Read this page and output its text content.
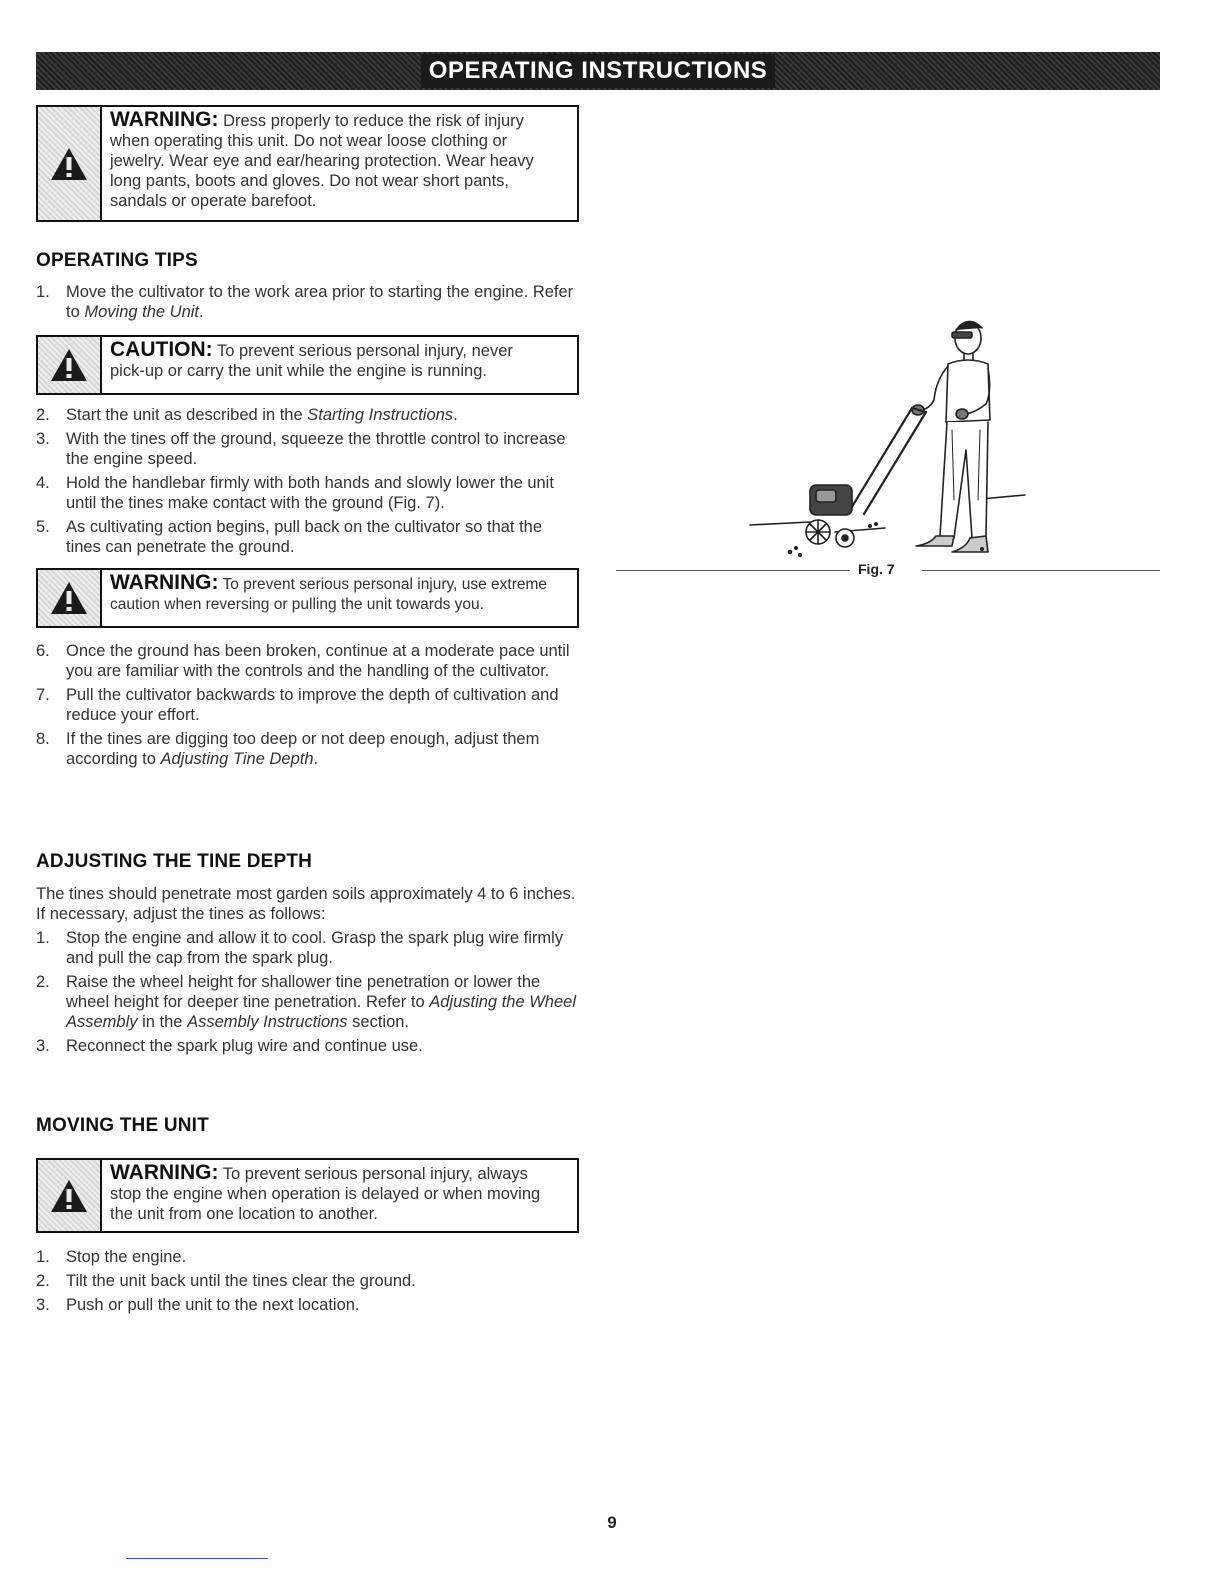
OPERATING INSTRUCTIONS
WARNING: Dress properly to reduce the risk of injury
when operating this unit. Do not wear loose clothing or
jewelry. Wear eye and ear/hearing protection. Wear heavy
long pants, boots and gloves. Do not wear short pants,
sandals or operate barefoot.
OPERATING TIPS
1. Move the cultivator to the work area prior to starting the engine. Refer to Moving the Unit.
CAUTION: To prevent serious personal injury, never
pick-up or carry the unit while the engine is running.
2. Start the unit as described in the Starting Instructions.
3. With the tines off the ground, squeeze the throttle control to increase the engine speed.
4. Hold the handlebar firmly with both hands and slowly lower the unit until the tines make contact with the ground (Fig. 7).
5. As cultivating action begins, pull back on the cultivator so that the tines can penetrate the ground.
WARNING: To prevent serious personal injury, use extreme
caution when reversing or pulling the unit towards you.
6. Once the ground has been broken, continue at a moderate pace until you are familiar with the controls and the handling of the cultivator.
7. Pull the cultivator backwards to improve the depth of cultivation and reduce your effort.
8. If the tines are digging too deep or not deep enough, adjust them according to Adjusting Tine Depth.
ADJUSTING THE TINE DEPTH

The tines should penetrate most garden soils approximately 4 to 6 inches. If necessary, adjust the tines as follows:

1. Stop the engine and allow it to cool. Grasp the spark plug wire firmly and pull the cap from the spark plug.
2. Raise the wheel height for shallower tine penetration or lower the wheel height for deeper tine penetration. Refer to Adjusting the Wheel Assembly in the Assembly Instructions section.
3. Reconnect the spark plug wire and continue use.
MOVING THE UNIT
WARNING: To prevent serious personal injury, always
stop the engine when operation is delayed or when moving
the unit from one location to another.
1. Stop the engine.
2. Tilt the unit back until the tines clear the ground.
3. Push or pull the unit to the next location.
Fig. 7
9
